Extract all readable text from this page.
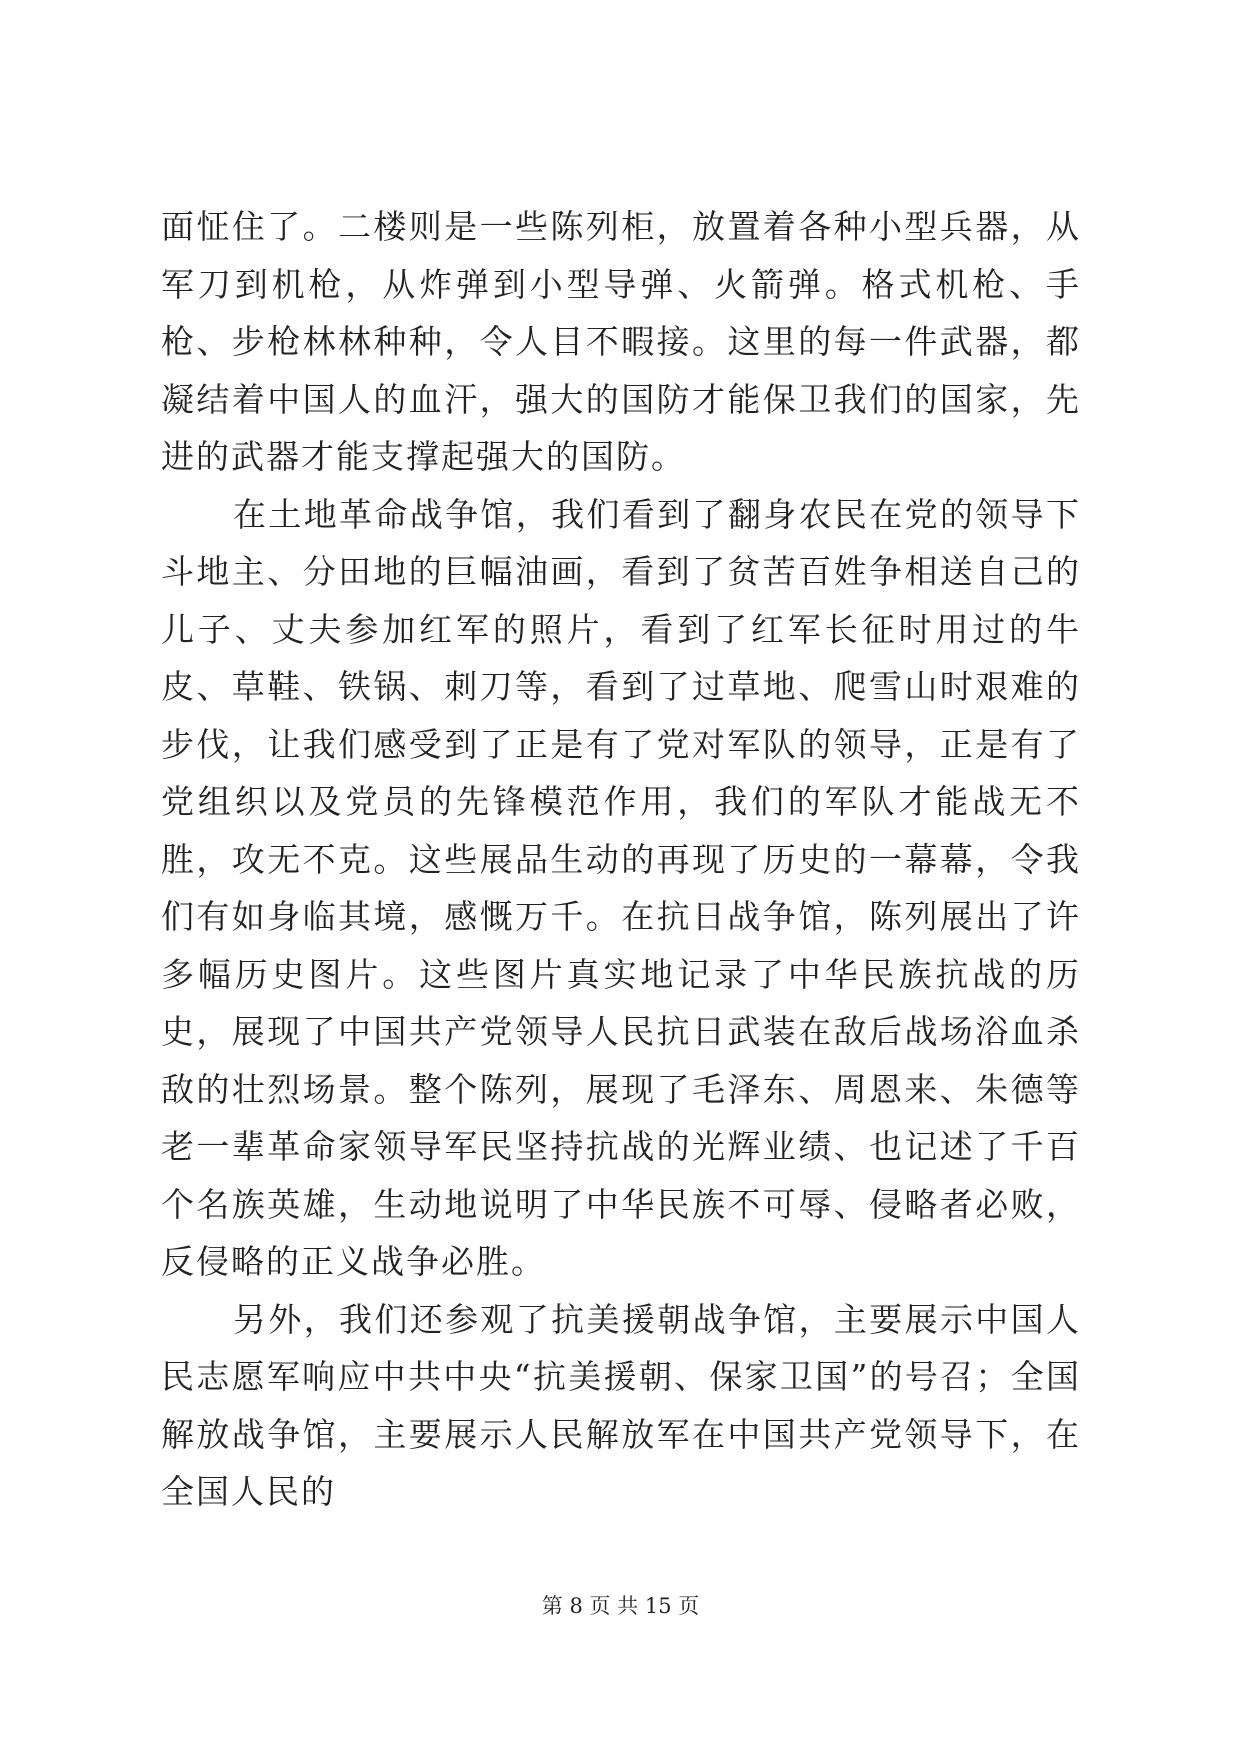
面怔住了。二楼则是一些陈列柜，放置着各种小型兵器，从军刀到机枪，从炸弹到小型导弹、火箭弹。格式机枪、手枪、步枪林林种种，令人目不暇接。这里的每一件武器，都凝结着中国人的血汗，强大的国防才能保卫我们的国家，先进的武器才能支撑起强大的国防。

在土地革命战争馆，我们看到了翻身农民在党的领导下斗地主、分田地的巨幅油画，看到了贫苦百姓争相送自己的儿子、丈夫参加红军的照片，看到了红军长征时用过的牛皮、草鞋、铁锅、刺刀等，看到了过草地、爬雪山时艰难的步伐，让我们感受到了正是有了党对军队的领导，正是有了党组织以及党员的先锋模范作用，我们的军队才能战无不胜，攻无不克。这些展品生动的再现了历史的一幕幕，令我们有如身临其境，感慨万千。在抗日战争馆，陈列展出了许多幅历史图片。这些图片真实地记录了中华民族抗战的历史，展现了中国共产党领导人民抗日武装在敌后战场浴血杀敌的壮烈场景。整个陈列，展现了毛泽东、周恩来、朱德等老一辈革命家领导军民坚持抗战的光辉业绩、也记述了千百个名族英雄，生动地说明了中华民族不可辱、侵略者必败，反侵略的正义战争必胜。

另外，我们还参观了抗美援朝战争馆，主要展示中国人民志愿军响应中共中央“抗美援朝、保家卫国”的号召；全国解放战争馆，主要展示人民解放军在中国共产党领导下，在全国人民的

第 8 页 共 15 页
